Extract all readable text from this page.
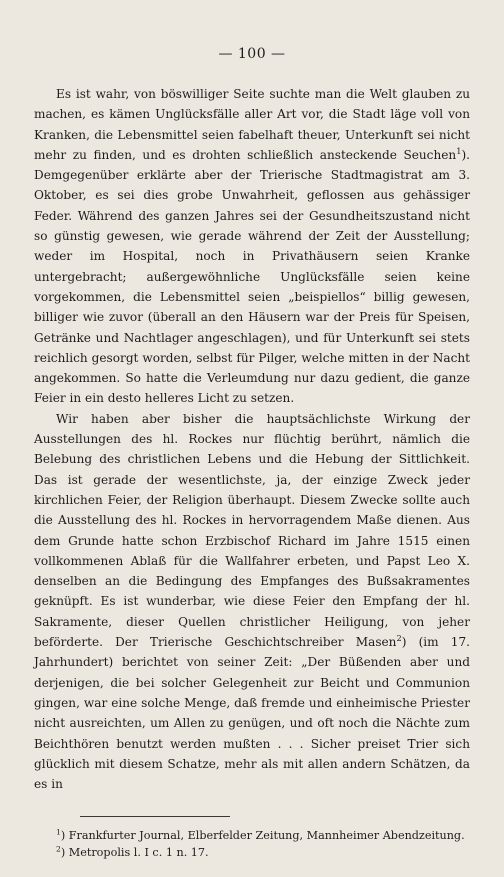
— 100 —

Es ist wahr, von böswilliger Seite suchte man die Welt glauben zu machen, es kämen Unglücksfälle aller Art vor, die Stadt läge voll von Kranken, die Lebensmittel seien fabelhaft theuer, Unterkunft sei nicht mehr zu finden, und es drohten schließlich ansteckende Seuchen$^1$). Demgegenüber erklärte aber der Trierische Stadtmagistrat am 3. Oktober, es sei dies grobe Unwahrheit, geflossen aus gehässiger Feder. Während des ganzen Jahres sei der Gesundheitszustand nicht so günstig gewesen, wie gerade während der Zeit der Ausstellung; weder im Hospital, noch in Privathäusern seien Kranke untergebracht; außergewöhnliche Unglücksfälle seien keine vorgekommen, die Lebensmittel seien „beispiellos“ billig gewesen, billiger wie zuvor (überall an den Häusern war der Preis für Speisen, Getränke und Nachtlager angeschlagen), und für Unterkunft sei stets reichlich gesorgt worden, selbst für Pilger, welche mitten in der Nacht angekommen. So hatte die Verleumdung nur dazu gedient, die ganze Feier in ein desto helleres Licht zu setzen.

Wir haben aber bisher die hauptsächlichste Wirkung der Ausstellungen des hl. Rockes nur flüchtig berührt, nämlich die Belebung des christlichen Lebens und die Hebung der Sittlichkeit. Das ist gerade der wesentlichste, ja, der einzige Zweck jeder kirchlichen Feier, der Religion überhaupt. Diesem Zwecke sollte auch die Ausstellung des hl. Rockes in hervorragendem Maße dienen. Aus dem Grunde hatte schon Erzbischof Richard im Jahre 1515 einen vollkommenen Ablaß für die Wallfahrer erbeten, und Papst Leo X. denselben an die Bedingung des Empfanges des Bußsakramentes geknüpft. Es ist wunderbar, wie diese Feier den Empfang der hl. Sakramente, dieser Quellen christlicher Heiligung, von jeher beförderte. Der Trierische Geschichtschreiber Masen$^2$) (im 17. Jahrhundert) berichtet von seiner Zeit: „Der Büßenden aber und derjenigen, die bei solcher Gelegenheit zur Beicht und Communion gingen, war eine solche Menge, daß fremde und einheimische Priester nicht ausreichten, um Allen zu genügen, und oft noch die Nächte zum Beichthören benutzt werden mußten . . . Sicher preiset Trier sich glücklich mit diesem Schatze, mehr als mit allen andern Schätzen, da es in

$^1$) Frankfurter Journal, Elberfelder Zeitung, Mannheimer Abendzeitung.

$^2$) Metropolis l. I c. 1 n. 17.
